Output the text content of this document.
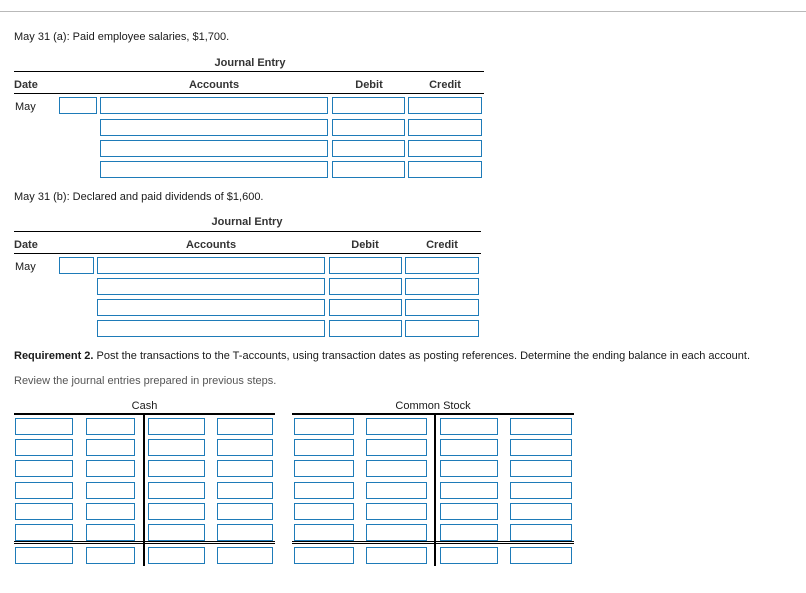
May 31 (a): Paid employee salaries, $1,700.
Journal Entry
Date	Accounts	Debit	Credit
May
May 31 (b): Declared and paid dividends of $1,600.
Journal Entry
Date	Accounts	Debit	Credit
May
Requirement 2. Post the transactions to the T-accounts, using transaction dates as posting references. Determine the ending balance in each account.
Review the journal entries prepared in previous steps.
Cash	Common Stock
